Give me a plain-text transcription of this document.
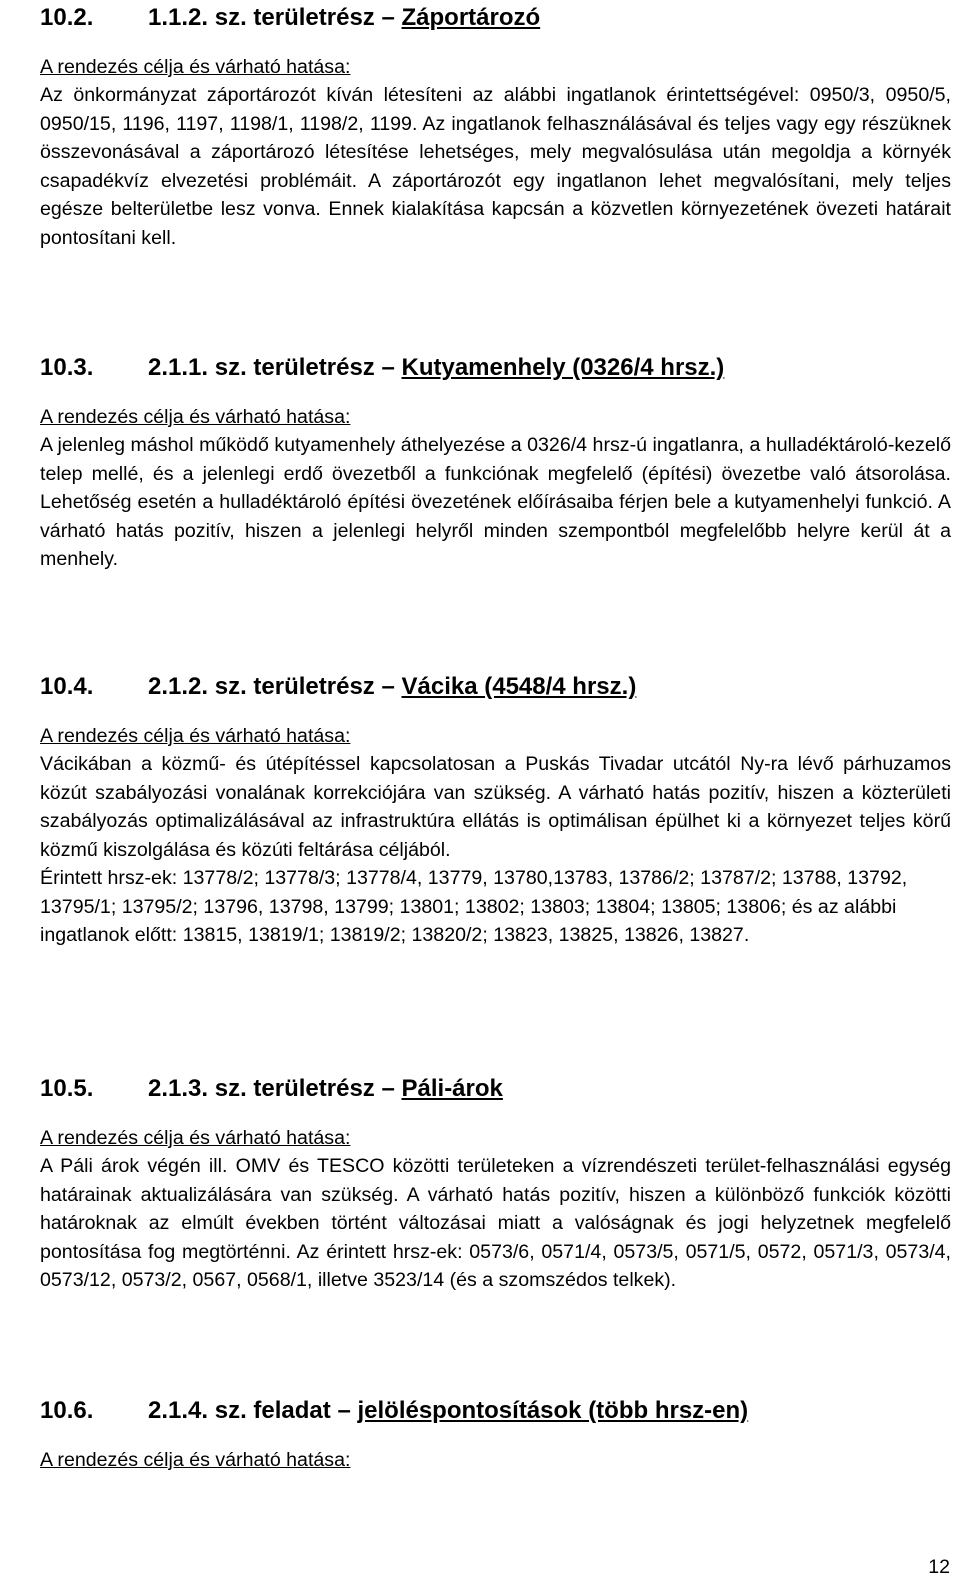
10.2. 1.1.2. sz. területrész – Záportározó

A rendezés célja és várható hatása:

Az önkormányzat záportározót kíván létesíteni az alábbi ingatlanok érintettségével: 0950/3, 0950/5, 0950/15, 1196, 1197, 1198/1, 1198/2, 1199. Az ingatlanok felhasználásával és teljes vagy egy részüknek összevonásával a záportározó létesítése lehetséges, mely megvalósulása után megoldja a környék csapadékvíz elvezetési problémáit. A záportározót egy ingatlanon lehet megvalósítani, mely teljes egésze belterületbe lesz vonva. Ennek kialakítása kapcsán a közvetlen környezetének övezeti határait pontosítani kell.

10.3. 2.1.1. sz. területrész – Kutyamenhely (0326/4 hrsz.)

A rendezés célja és várható hatása:

A jelenleg máshol működő kutyamenhely áthelyezése a 0326/4 hrsz-ú ingatlanra, a hulladéktároló-kezelő telep mellé, és a jelenlegi erdő övezetből a funkciónak megfelelő (építési) övezetbe való átsorolása. Lehetőség esetén a hulladéktároló építési övezetének előírásaiba férjen bele a kutyamenhelyi funkció. A várható hatás pozitív, hiszen a jelenlegi helyről minden szempontból megfelelőbb helyre kerül át a menhely.

10.4. 2.1.2. sz. területrész – Vácika (4548/4 hrsz.)

A rendezés célja és várható hatása:

Vácikában a közmű- és útépítéssel kapcsolatosan a Puskás Tivadar utcától Ny-ra lévő párhuzamos közút szabályozási vonalának korrekciójára van szükség. A várható hatás pozitív, hiszen a közterületi szabályozás optimalizálásával az infrastruktúra ellátás is optimálisan épülhet ki a környezet teljes körű közmű kiszolgálása és közúti feltárása céljából.

Érintett hrsz-ek: 13778/2; 13778/3; 13778/4, 13779, 13780,13783, 13786/2; 13787/2; 13788, 13792, 13795/1; 13795/2; 13796, 13798, 13799; 13801; 13802; 13803; 13804; 13805; 13806; és az alábbi ingatlanok előtt: 13815, 13819/1; 13819/2; 13820/2; 13823, 13825, 13826, 13827.

10.5. 2.1.3. sz. területrész – Páli-árok

A rendezés célja és várható hatása:

A Páli árok végén ill. OMV és TESCO közötti területeken a vízrendészeti terület-felhasználási egység határainak aktualizálására van szükség. A várható hatás pozitív, hiszen a különböző funkciók közötti határoknak az elmúlt években történt változásai miatt a valóságnak és jogi helyzetnek megfelelő pontosítása fog megtörténni. Az érintett hrsz-ek: 0573/6, 0571/4, 0573/5, 0571/5, 0572, 0571/3, 0573/4, 0573/12, 0573/2, 0567, 0568/1, illetve 3523/14 (és a szomszédos telkek).

10.6. 2.1.4. sz. feladat – jelöléspontosítások (több hrsz-en)

A rendezés célja és várható hatása:

12
